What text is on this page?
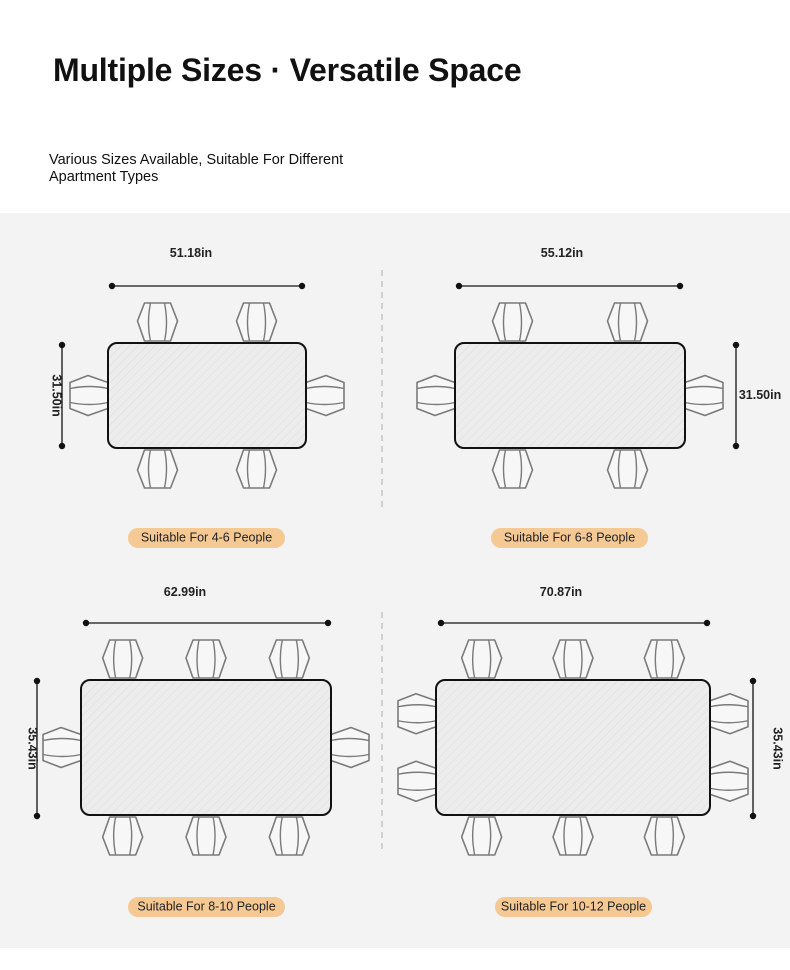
Multiple Sizes · Versatile Space
Various Sizes Available, Suitable For Different Apartment Types
51.18in
31.50in
Suitable For 4-6 People
55.12in
31.50in
Suitable For 6-8 People
62.99in
35.43in
Suitable For 8-10 People
70.87in
35.43in
Suitable For 10-12 People
